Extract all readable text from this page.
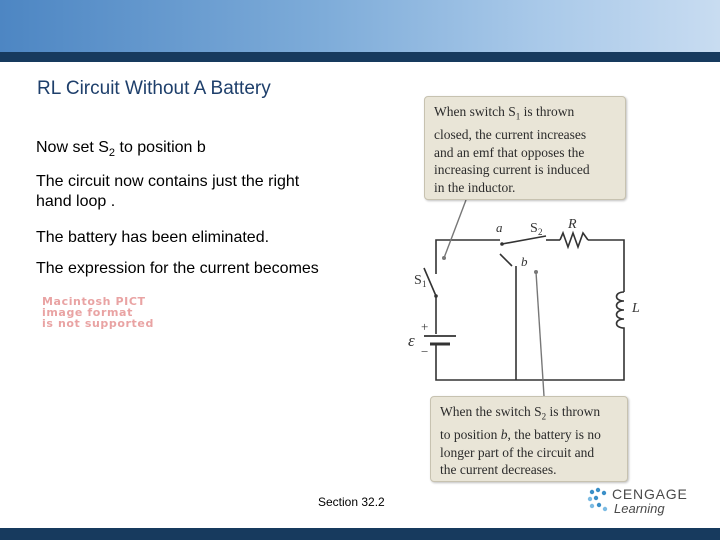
RL Circuit Without A Battery
Now set $S_2$ to position b
The circuit now contains just the right
hand loop .
The battery has been eliminated.
The expression for the current becomes
Macintosh PICT
image format
is not supported
a
b
S 2 R
L
S 1
ε
+
−
When switch $S_1$ is thrown
closed, the current increases
and an emf that opposes the
increasing current is induced
in the inductor.
When the switch $S_2$ is thrown
to position b, the battery is no
longer part of the circuit and
the current decreases.
Section 32.2	CENGAGE
Learning
